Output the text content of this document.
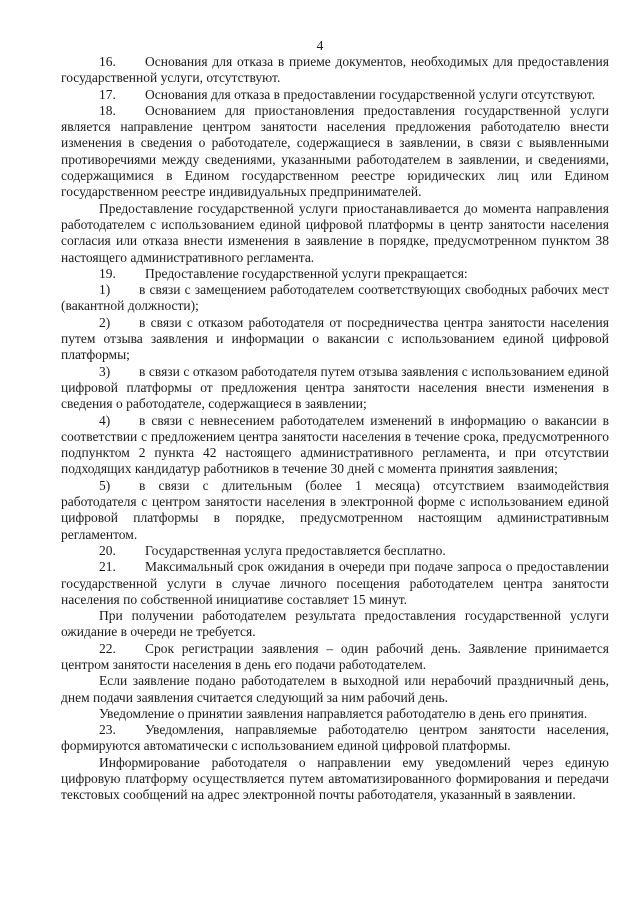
4

16. Основания для отказа в приеме документов, необходимых для предоставления государственной услуги, отсутствуют.

17. Основания для отказа в предоставлении государственной услуги отсутствуют.

18. Основанием для приостановления предоставления государственной услуги является направление центром занятости населения предложения работодателю внести изменения в сведения о работодателе, содержащиеся в заявлении, в связи с выявленными противоречиями между сведениями, указанными работодателем в заявлении, и сведениями, содержащимися в Едином государственном реестре юридических лиц или Едином государственном реестре индивидуальных предпринимателей.

Предоставление государственной услуги приостанавливается до момента направления работодателем с использованием единой цифровой платформы в центр занятости населения согласия или отказа внести изменения в заявление в порядке, предусмотренном пунктом 38 настоящего административного регламента.

19. Предоставление государственной услуги прекращается:

1) в связи с замещением работодателем соответствующих свободных рабочих мест (вакантной должности);

2) в связи с отказом работодателя от посредничества центра занятости населения путем отзыва заявления и информации о вакансии с использованием единой цифровой платформы;

3) в связи с отказом работодателя путем отзыва заявления с использованием единой цифровой платформы от предложения центра занятости населения внести изменения в сведения о работодателе, содержащиеся в заявлении;

4) в связи с невнесением работодателем изменений в информацию о вакансии в соответствии с предложением центра занятости населения в течение срока, предусмотренного подпунктом 2 пункта 42 настоящего административного регламента, и при отсутствии подходящих кандидатур работников в течение 30 дней с момента принятия заявления;

5) в связи с длительным (более 1 месяца) отсутствием взаимодействия работодателя с центром занятости населения в электронной форме с использованием единой цифровой платформы в порядке, предусмотренном настоящим административным регламентом.

20. Государственная услуга предоставляется бесплатно.

21. Максимальный срок ожидания в очереди при подаче запроса о предоставлении государственной услуги в случае личного посещения работодателем центра занятости населения по собственной инициативе составляет 15 минут.

При получении работодателем результата предоставления государственной услуги ожидание в очереди не требуется.

22. Срок регистрации заявления – один рабочий день. Заявление принимается центром занятости населения в день его подачи работодателем.

Если заявление подано работодателем в выходной или нерабочий праздничный день, днем подачи заявления считается следующий за ним рабочий день.

Уведомление о принятии заявления направляется работодателю в день его принятия.

23. Уведомления, направляемые работодателю центром занятости населения, формируются автоматически с использованием единой цифровой платформы.

Информирование работодателя о направлении ему уведомлений через единую цифровую платформу осуществляется путем автоматизированного формирования и передачи текстовых сообщений на адрес электронной почты работодателя, указанный в заявлении.
